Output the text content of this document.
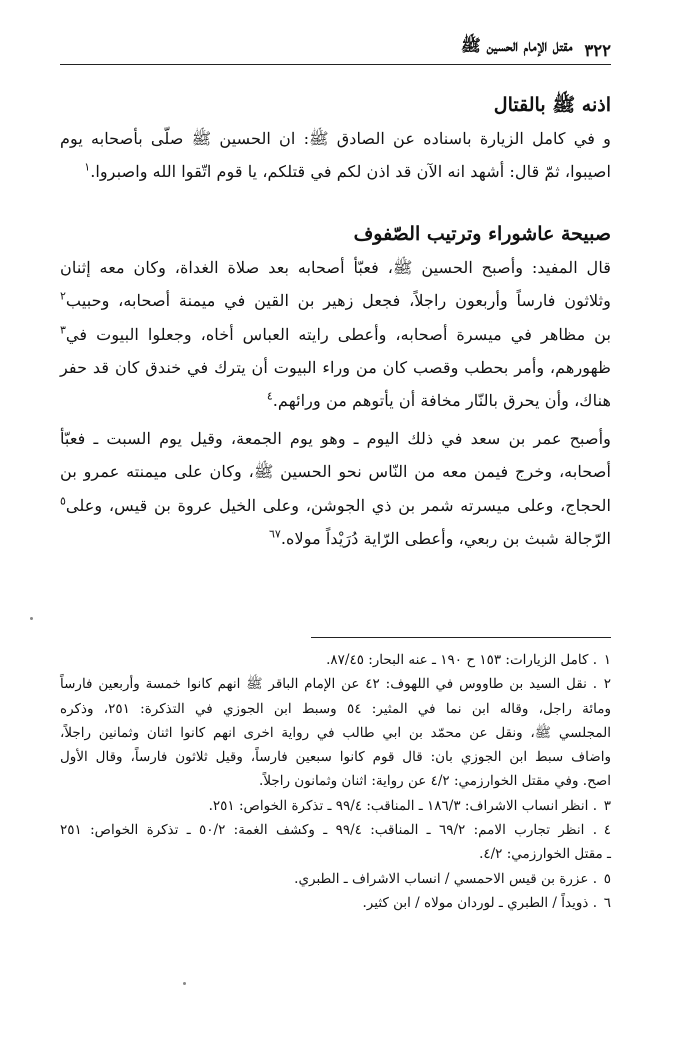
٣٢٢
مقتل الإمام الحسين ﷺ
اذنه ﷺ بالقتال

و في كامل الزيارة باسناده عن الصادق ﷺ: ان الحسين ﷺ صلّى بأصحابه يوم
اصيبوا، ثمّ قال: أشهد انه الآن قد اذن لكم في قتلكم، يا قوم اتّقوا الله واصبروا.$^١$

صبيحة عاشوراء وترتيب الصّفوف

قال المفيد: وأصبح الحسين ﷺ، فعبّأ أصحابه بعد صلاة الغداة، وكان معه إثنان
وثلاثون فارساً وأربعون راجلاً، فجعل زهير بن القين في ميمنة أصحابه، وحبيب$^٢$
بن مظاهر في ميسرة أصحابه، وأعطى رايته العباس أخاه، وجعلوا البيوت في$^٣$
ظهورهم، وأمر بحطب وقصب كان من وراء البيوت أن يترك في خندق كان قد حفر
هناك، وأن يحرق بالنّار مخافة أن يأتوهم من ورائهم.$^٤$

وأصبح عمر بن سعد في ذلك اليوم ـ وهو يوم الجمعة، وقيل يوم السبت ـ فعبّأ
أصحابه، وخرج فيمن معه من النّاس نحو الحسين ﷺ، وكان على ميمنته عمرو بن
الحجاج، وعلى ميسرته شمر بن ذي الجوشن، وعلى الخيل عروة بن قيس، وعلى$^٥$
الرّجالة شبث بن ربعي، وأعطى الرّاية دُرَيْداً مولاه.$^{٦٧}$

١. كامل الزيارات: ١٥٣ ح ١٩٠ ـ عنه البحار: ٨٧/٤٥.

٢. نقل السيد بن طاووس في اللهوف: ٤٢ عن الإمام الباقر ﷺ انهم كانوا خمسة وأربعين فارساً
ومائة راجل، وقاله ابن نما في المثير: ٥٤ وسبط ابن الجوزي في التذكرة: ٢٥١، وذكره
المجلسي ﷺ، ونقل عن محمّد بن ابي طالب في رواية اخرى انهم كانوا اثنان وثمانين راجلاً،
واضاف سبط ابن الجوزي بان: قال قوم كانوا سبعين فارساً، وقيل ثلاثون فارساً، وقال الأول
اصح. وفي مقتل الخوارزمي: ٤/٢ عن رواية: اثنان وثمانون راجلاً.

٣. انظر انساب الاشراف: ١٨٦/٣ ـ المناقب: ٩٩/٤ ـ تذكرة الخواص: ٢٥١.

٤. انظر تجارب الامم: ٦٩/٢ ـ المناقب: ٩٩/٤ ـ وكشف الغمة: ٥٠/٢ ـ تذكرة الخواص: ٢٥١
ـ مقتل الخوارزمي: ٤/٢.

٥. عزرة بن قيس الاحمسي / انساب الاشراف ـ الطبري.

٦. ذويداً / الطبري ـ لوردان مولاه / ابن كثير.
